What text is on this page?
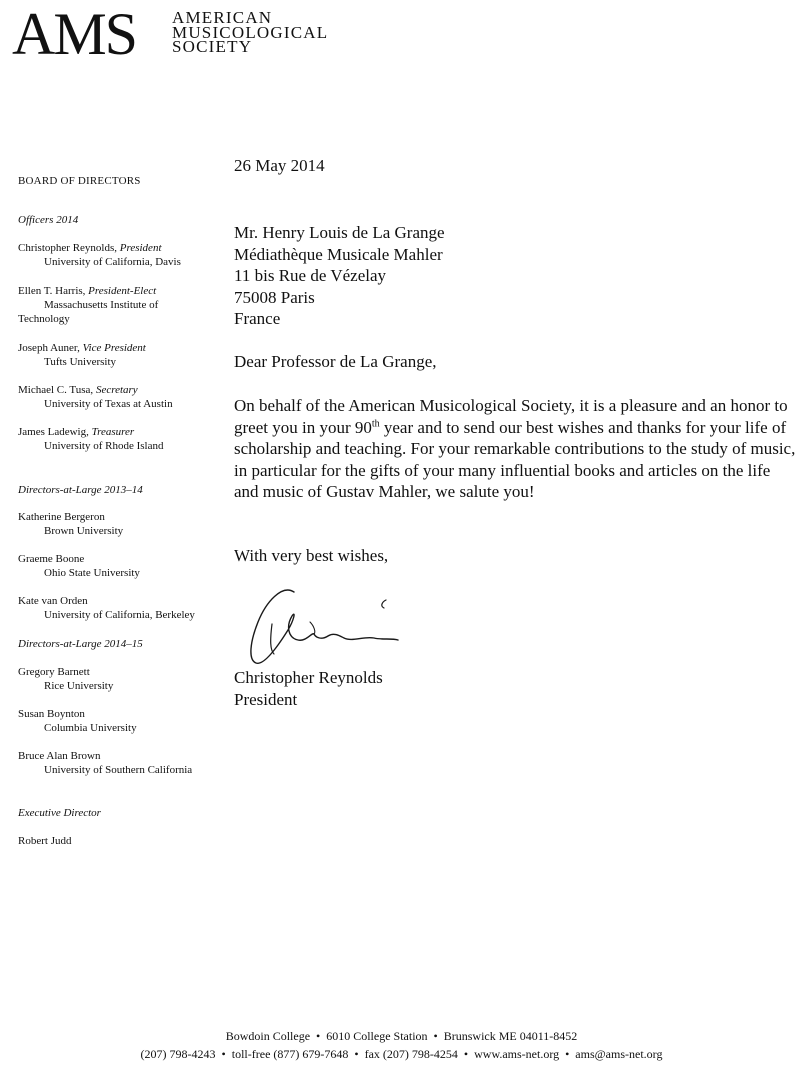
AMS AMERICAN
MUSICOLOGICAL
SOCIETY
BOARD OF DIRECTORS
Officers 2014
Christopher Reynolds, President
University of California, Davis
Ellen T. Harris, President-Elect
Massachusetts Institute of
Technology
Joseph Auner, Vice President
Tufts University
Michael C. Tusa, Secretary
University of Texas at Austin
James Ladewig, Treasurer
University of Rhode Island
Directors-at-Large 2013–14
Katherine Bergeron
Brown University
Graeme Boone
Ohio State University
Kate van Orden
University of California, Berkeley
Directors-at-Large 2014–15
Gregory Barnett
Rice University
Susan Boynton
Columbia University
Bruce Alan Brown
University of Southern California
Executive Director
Robert Judd

26 May 2014

Mr. Henry Louis de La Grange

Médiathèque Musicale Mahler

11 bis Rue de Vézelay

75008 Paris

France

Dear Professor de La Grange,

On behalf of the American Musicological Society, it is a pleasure and an honor to greet you in your 90th year and to send our best wishes and thanks for your life of scholarship and teaching. For your remarkable contributions to the study of music, in particular for the gifts of your many influential books and articles on the life and music of Gustav Mahler, we salute you!

With very best wishes,

Christopher Reynolds

President

Bowdoin College • 6010 College Station • Brunswick ME 04011-8452
(207) 798-4243 • toll-free (877) 679-7648 • fax (207) 798-4254 • www.ams-net.org • ams@ams-net.org
